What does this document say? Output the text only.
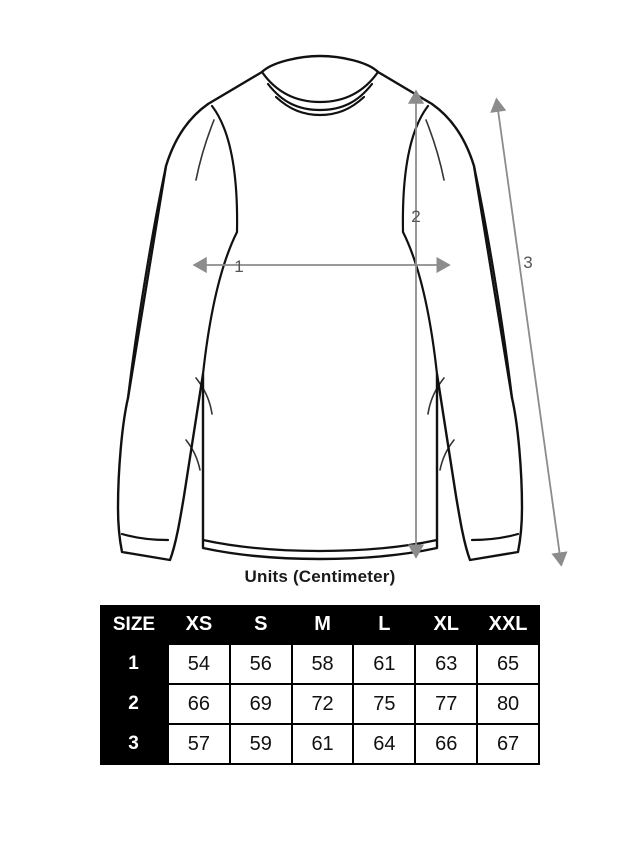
1
2
3
Units (Centimeter)
SIZE	XS	S	M	L	XL	XXL
1	54	56	58	61	63	65
2	66	69	72	75	77	80
3	57	59	61	64	66	67
